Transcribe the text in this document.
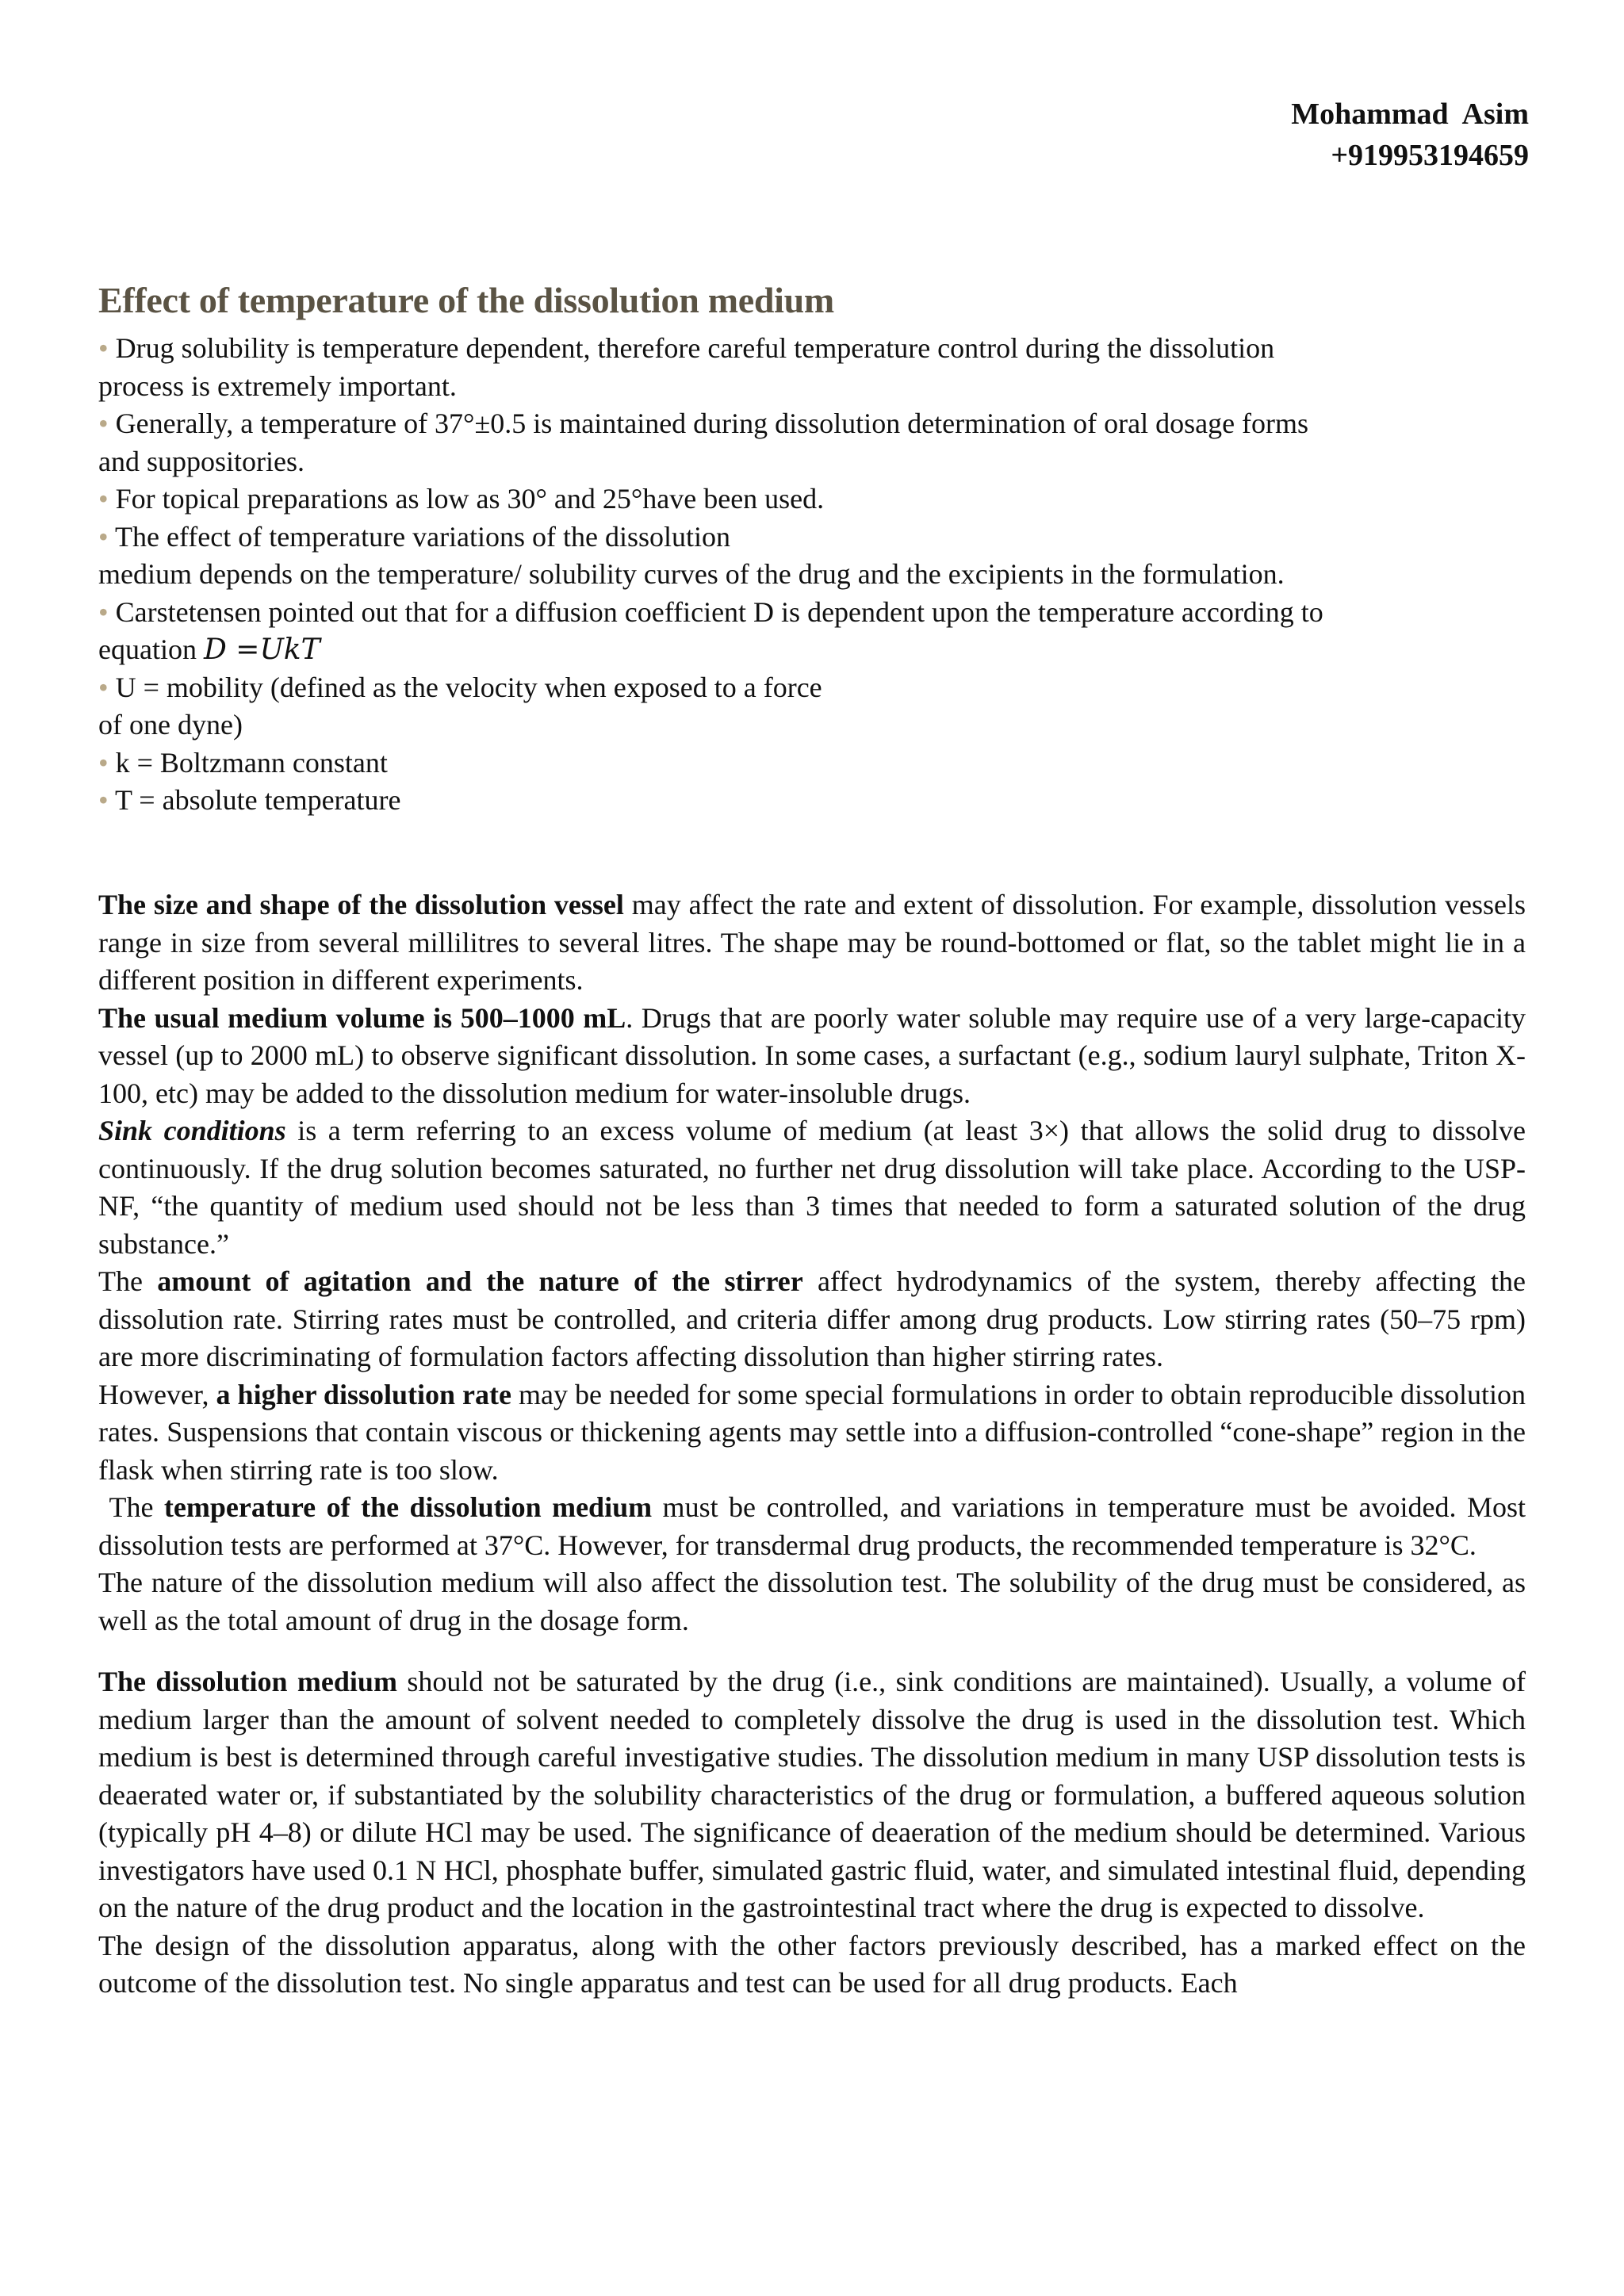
Mohammad  Asim
+919953194659
Effect of temperature of the dissolution medium

• Drug solubility is temperature dependent, therefore careful temperature control during the dissolution

process is extremely important.

• Generally, a temperature of 37°±0.5 is maintained during dissolution determination of oral dosage forms

and suppositories.

• For topical preparations as low as 30° and 25°have been used.

• The effect of temperature variations of the dissolution

medium depends on the temperature/ solubility curves of the drug and the excipients in the formulation.

• Carstetensen pointed out that for a diffusion coefficient D is dependent upon the temperature according to

equation D =UkT

• U = mobility (defined as the velocity when exposed to a force

of one dyne)

• k = Boltzmann constant

• T = absolute temperature

The size and shape of the dissolution vessel may affect the rate and extent of dissolution. For example, dissolution vessels range in size from several millilitres to several litres. The shape may be round-bottomed or flat, so the tablet might lie in a different position in different experiments.

The usual medium volume is 500–1000 mL. Drugs that are poorly water soluble may require use of a very large-capacity vessel (up to 2000 mL) to observe significant dissolution. In some cases, a surfactant (e.g., sodium lauryl sulphate, Triton X-100, etc) may be added to the dissolution medium for water-insoluble drugs.

Sink conditions is a term referring to an excess volume of medium (at least 3×) that allows the solid drug to dissolve continuously. If the drug solution becomes saturated, no further net drug dissolution will take place. According to the USP-NF, “the quantity of medium used should not be less than 3 times that needed to form a saturated solution of the drug substance.”

The amount of agitation and the nature of the stirrer affect hydrodynamics of the system, thereby affecting the dissolution rate. Stirring rates must be controlled, and criteria differ among drug products. Low stirring rates (50–75 rpm) are more discriminating of formulation factors affecting dissolution than higher stirring rates.

However, a higher dissolution rate may be needed for some special formulations in order to obtain reproducible dissolution rates. Suspensions that contain viscous or thickening agents may settle into a diffusion-controlled “cone-shape” region in the flask when stirring rate is too slow.

The temperature of the dissolution medium must be controlled, and variations in temperature must be avoided. Most dissolution tests are performed at 37°C. However, for transdermal drug products, the recommended temperature is 32°C.

The nature of the dissolution medium will also affect the dissolution test. The solubility of the drug must be considered, as well as the total amount of drug in the dosage form.

The dissolution medium should not be saturated by the drug (i.e., sink conditions are maintained). Usually, a volume of medium larger than the amount of solvent needed to completely dissolve the drug is used in the dissolution test. Which medium is best is determined through careful investigative studies. The dissolution medium in many USP dissolution tests is deaerated water or, if substantiated by the solubility characteristics of the drug or formulation, a buffered aqueous solution (typically pH 4–8) or dilute HCl may be used. The significance of deaeration of the medium should be determined. Various investigators have used 0.1 N HCl, phosphate buffer, simulated gastric fluid, water, and simulated intestinal fluid, depending on the nature of the drug product and the location in the gastrointestinal tract where the drug is expected to dissolve.

The design of the dissolution apparatus, along with the other factors previously described, has a marked effect on the outcome of the dissolution test. No single apparatus and test can be used for all drug products. Each
